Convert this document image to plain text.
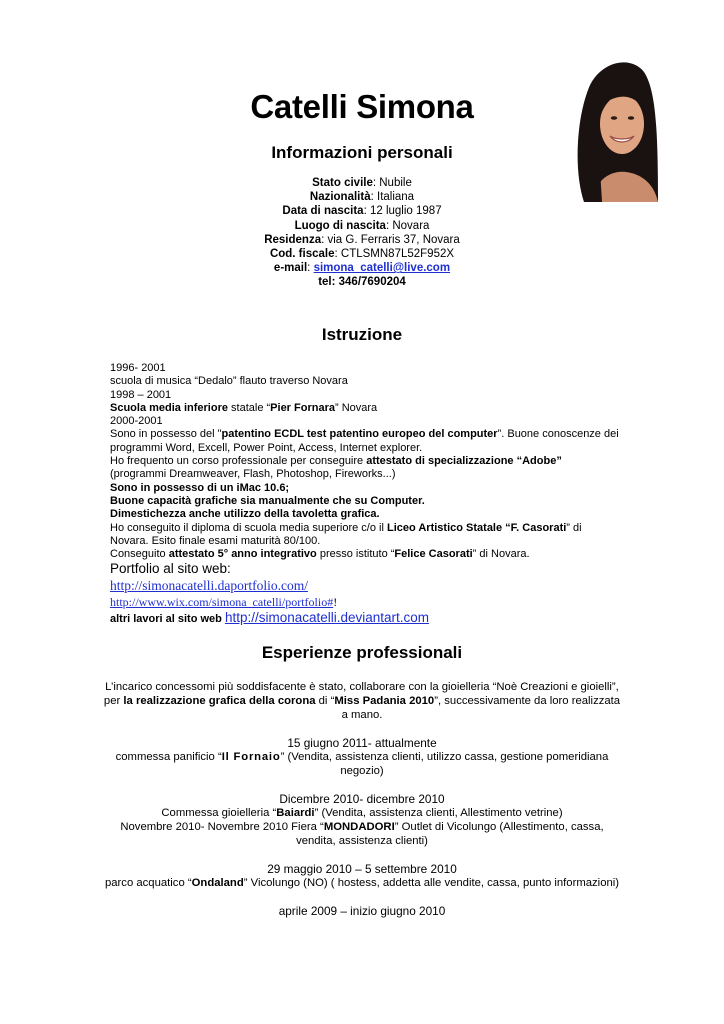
Catelli Simona
Informazioni personali
Stato civile: Nubile
Nazionalità: Italiana
Data di nascita: 12 luglio 1987
Luogo di nascita: Novara
Residenza: via G. Ferraris 37, Novara
Cod. fiscale: CTLSMN87L52F952X
e-mail: simona_catelli@live.com
tel: 346/7690204
Istruzione
1996- 2001
scuola di musica “Dedalo” flauto traverso Novara
1998 – 2001
Scuola media inferiore statale “Pier Fornara” Novara
2000-2001
Sono in possesso del "patentino ECDL test patentino europeo del computer”. Buone conoscenze dei programmi Word, Excell, Power Point, Access, Internet explorer.
Ho frequento un corso professionale per conseguire attestato di specializzazione “Adobe”
(programmi Dreamweaver, Flash, Photoshop, Fireworks...)
Sono in possesso di un iMac 10.6;
Buone capacità grafiche sia manualmente che su Computer.
Dimestichezza anche utilizzo della tavoletta grafica.
Ho conseguito il diploma di scuola media superiore c/o il Liceo Artistico Statale “F. Casorati” di Novara. Esito finale esami maturità 80/100.
Conseguito attestato 5° anno integrativo presso istituto “Felice Casorati” di Novara.
Portfolio al sito web:
http://simonacatelli.daportfolio.com/
http://www.wix.com/simona_catelli/portfolio#!
altri lavori al sito web http://simonacatelli.deviantart.com
Esperienze professionali
L’incarico concessomi più soddisfacente è stato, collaborare con la gioielleria “Noè Creazioni e gioielli”, per la realizzazione grafica della corona di “Miss Padania 2010”, successivamente da loro realizzata a mano.
15 giugno 2011- attualmente
commessa panificio “Il Fornaio” (Vendita, assistenza clienti, utilizzo cassa, gestione pomeridiana negozio)
Dicembre 2010- dicembre 2010
Commessa gioielleria “Baiardi” (Vendita, assistenza clienti, Allestimento vetrine)
Novembre 2010- Novembre 2010 Fiera “MONDADORI” Outlet di Vicolungo (Allestimento, cassa, vendita, assistenza clienti)
29 maggio 2010 – 5 settembre 2010
parco acquatico “Ondaland” Vicolungo (NO) ( hostess, addetta alle vendite, cassa, punto informazioni)
aprile 2009 – inizio giugno 2010
